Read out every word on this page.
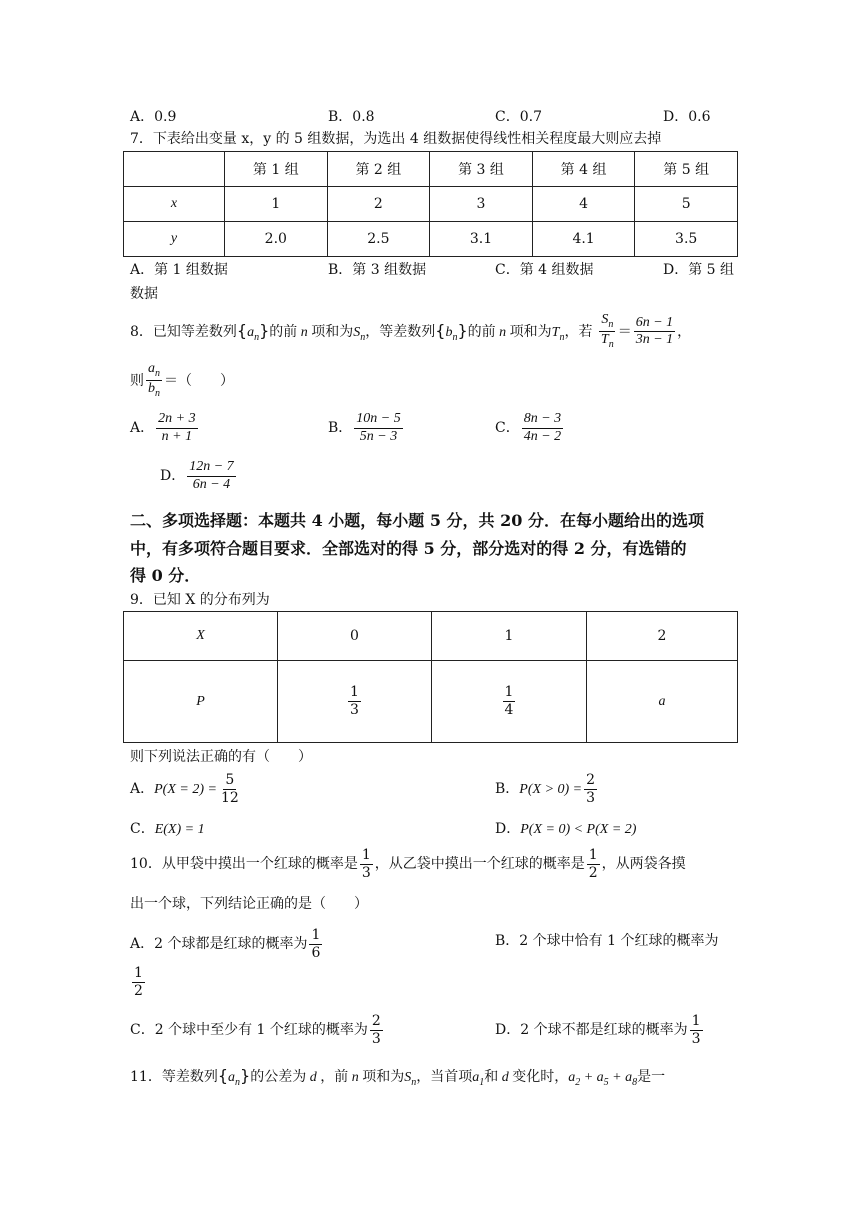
A．0.9	B．0.8	C．0.7	D．0.6
7．下表给出变量 x，y 的 5 组数据，为选出 4 组数据使得线性相关程度最大则应去掉
	第 1 组	第 2 组	第 3 组	第 4 组	第 5 组
x	1	2	3	4	5
y	2.0	2.5	3.1	4.1	3.5
A．第 1 组数据	B．第 3 组数据	C．第 4 组数据	D．第 5 组
数据
8．已知等差数列$\{a_n\}$的前 n 项和为$S_n$，等差数列$\{b_n\}$的前 n 项和为$T_n$，若 $\frac{S_n}{T_n} = \frac{6n - 1}{3n - 1}$ ，
则 $\frac{a_n}{b_n}$ ＝（　　）
A． $\frac{2n + 3}{n + 1}$	B． $\frac{10n - 5}{5n - 3}$	C． $\frac{8n - 3}{4n - 2}$
D． $\frac{12n - 7}{6n - 4}$
二、多项选择题：本题共 4 小题，每小题 5 分，共 20 分．在每小题给出的选项
中，有多项符合题目要求．全部选对的得 5 分，部分选对的得 2 分，有选错的
得 0 分．
9．已知 X 的分布列为
X	0	1	2
P	$\frac{1}{3}$	$\frac{1}{4}$	a
则下列说法正确的有（　　）
A．$P(X = 2) = \frac{5}{12}$	B．$P(X > 0) = \frac{2}{3}$
C．E(X) = 1	D．P(X = 0) < P(X = 2)
10．从甲袋中摸出一个红球的概率是 $\frac{1}{3}$ ，从乙袋中摸出一个红球的概率是 $\frac{1}{2}$ ，从两袋各摸
出一个球，下列结论正确的是（　　）
A．2 个球都是红球的概率为 $\frac{1}{6}$	B．2 个球中恰有 1 个红球的概率为
$\frac{1}{2}$
C．2 个球中至少有 1 个红球的概率为 $\frac{2}{3}$	D．2 个球不都是红球的概率为 $\frac{1}{3}$
11．等差数列$\{a_n\}$的公差为 d ，前 n 项和为$S_n$，当首项$a_1$和 d 变化时，$a_2 + a_5 + a_8$是一
